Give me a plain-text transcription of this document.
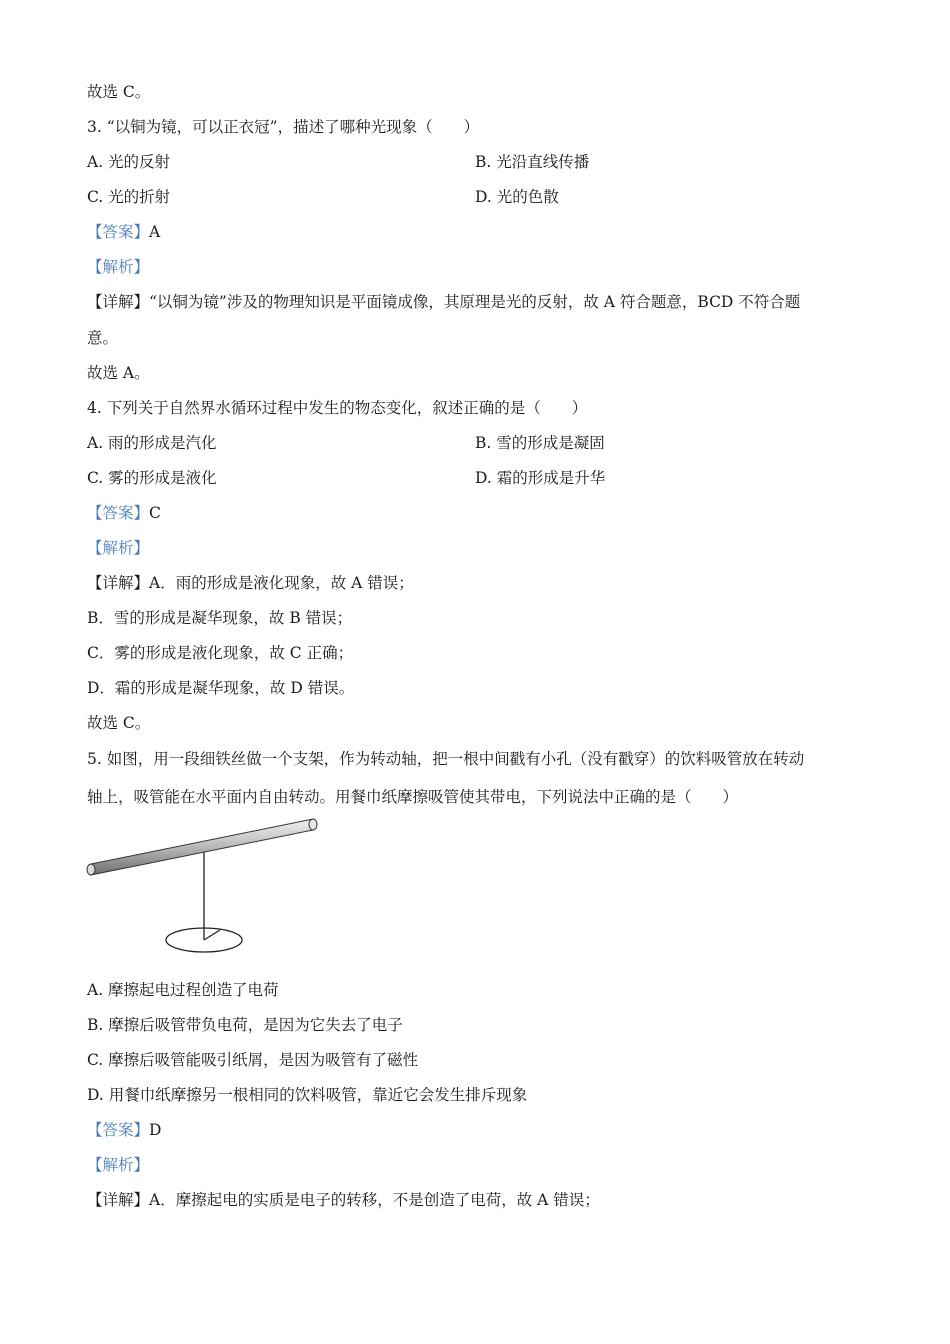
故选 C。
3. “以铜为镜，可以正衣冠”，描述了哪种光现象（　　）
A. 光的反射	B. 光沿直线传播
C. 光的折射	D. 光的色散
【答案】A
【解析】
【详解】“以铜为镜”涉及的物理知识是平面镜成像，其原理是光的反射，故 A 符合题意，BCD 不符合题
意。
故选 A。
4. 下列关于自然界水循环过程中发生的物态变化，叙述正确的是（　　）
A. 雨的形成是汽化	B. 雪的形成是凝固
C. 雾的形成是液化	D. 霜的形成是升华
【答案】C
【解析】
【详解】A．雨的形成是液化现象，故 A 错误；
B．雪的形成是凝华现象，故 B 错误；
C．雾的形成是液化现象，故 C 正确；
D．霜的形成是凝华现象，故 D 错误。
故选 C。
5. 如图，用一段细铁丝做一个支架，作为转动轴，把一根中间戳有小孔（没有戳穿）的饮料吸管放在转动
轴上，吸管能在水平面内自由转动。用餐巾纸摩擦吸管使其带电，下列说法中正确的是（　　）
A. 摩擦起电过程创造了电荷
B. 摩擦后吸管带负电荷，是因为它失去了电子
C. 摩擦后吸管能吸引纸屑，是因为吸管有了磁性
D. 用餐巾纸摩擦另一根相同的饮料吸管，靠近它会发生排斥现象
【答案】D
【解析】
【详解】A．摩擦起电的实质是电子的转移，不是创造了电荷，故 A 错误；
